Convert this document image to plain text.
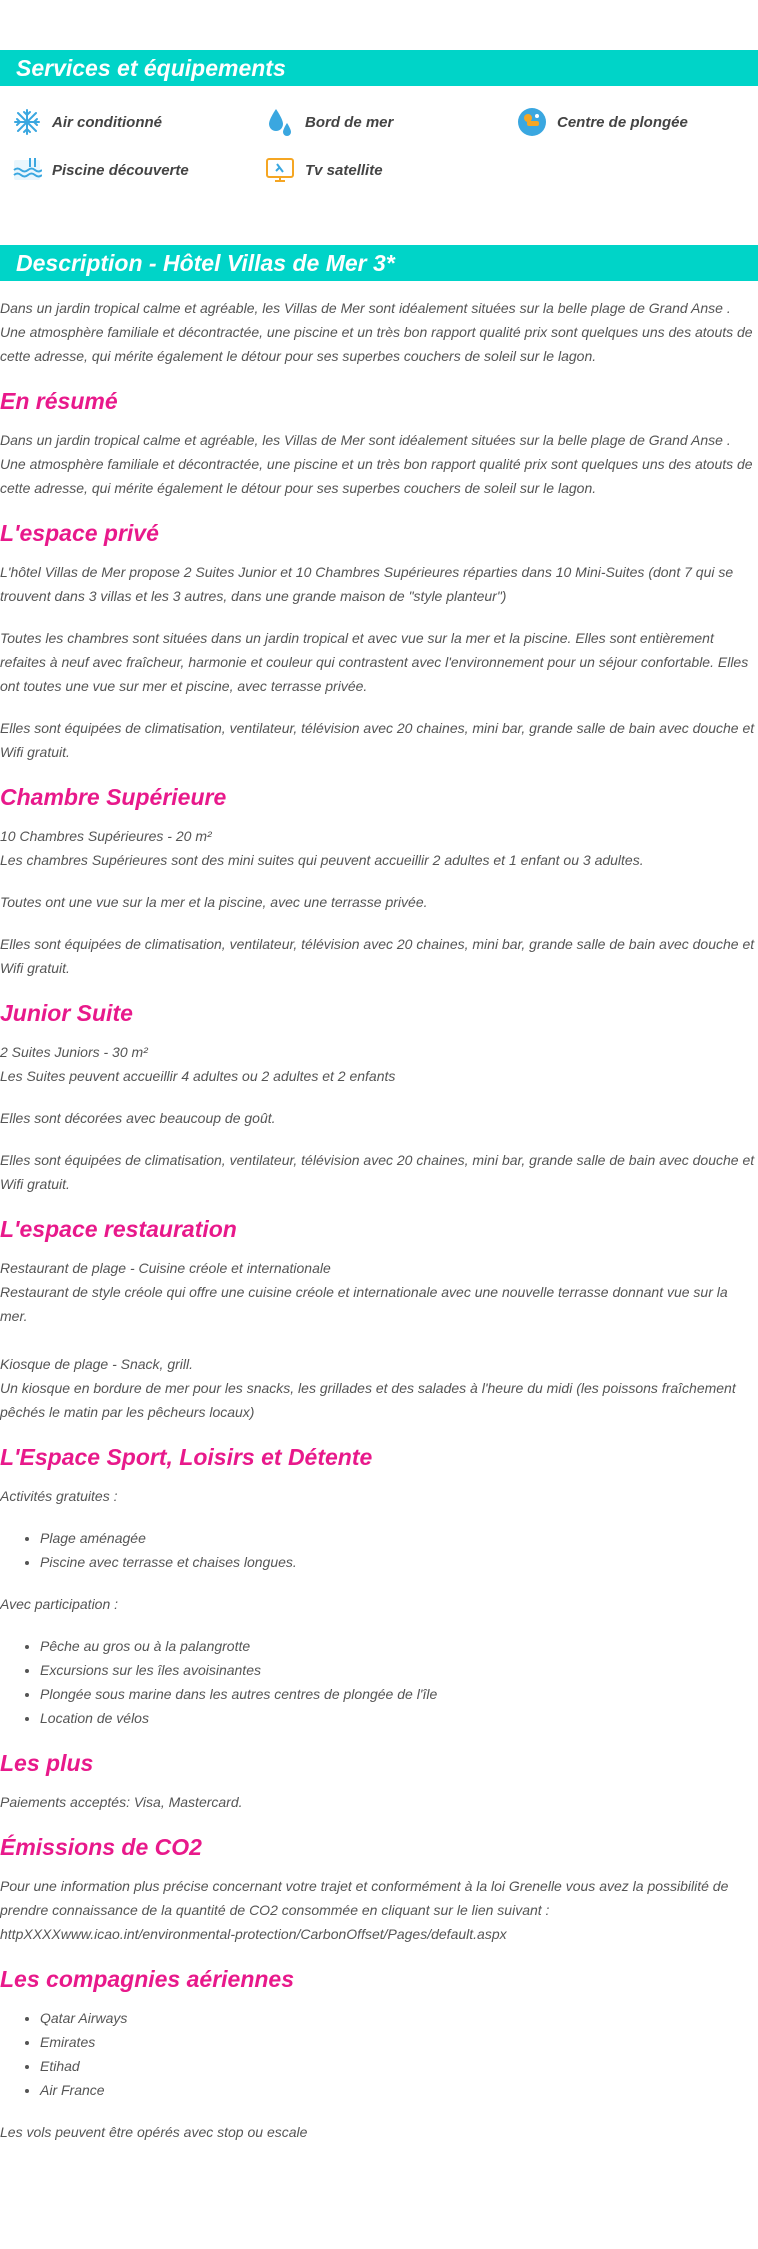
Services et équipements
Air conditionné	Bord de mer	Centre de plongée
Piscine découverte	Tv satellite
Description - Hôtel Villas de Mer 3*

Dans un jardin tropical calme et agréable, les Villas de Mer sont idéalement situées sur la belle plage de Grand Anse . Une atmosphère familiale et décontractée, une piscine et un très bon rapport qualité prix sont quelques uns des atouts de cette adresse, qui mérite également le détour pour ses superbes couchers de soleil sur le lagon.

En résumé

Dans un jardin tropical calme et agréable, les Villas de Mer sont idéalement situées sur la belle plage de Grand Anse . Une atmosphère familiale et décontractée, une piscine et un très bon rapport qualité prix sont quelques uns des atouts de cette adresse, qui mérite également le détour pour ses superbes couchers de soleil sur le lagon.

L'espace privé

L'hôtel Villas de Mer propose 2 Suites Junior et 10 Chambres Supérieures réparties dans 10 Mini-Suites (dont 7 qui se trouvent dans 3 villas et les 3 autres, dans une grande maison de "style planteur")

Toutes les chambres sont situées dans un jardin tropical et avec vue sur la mer et la piscine. Elles sont entièrement refaites à neuf avec fraîcheur, harmonie et couleur qui contrastent avec l'environnement pour un séjour confortable. Elles ont toutes une vue sur mer et piscine, avec terrasse privée.

Elles sont équipées de climatisation, ventilateur, télévision avec 20 chaines, mini bar, grande salle de bain avec douche et Wifi gratuit.

Chambre Supérieure

10 Chambres Supérieures - 20 m²
Les chambres Supérieures sont des mini suites qui peuvent accueillir 2 adultes et 1 enfant ou 3 adultes.

Toutes ont une vue sur la mer et la piscine, avec une terrasse privée.

Elles sont équipées de climatisation, ventilateur, télévision avec 20 chaines, mini bar, grande salle de bain avec douche et Wifi gratuit.

Junior Suite

2 Suites Juniors - 30 m²
Les Suites peuvent accueillir 4 adultes ou 2 adultes et 2 enfants

Elles sont décorées avec beaucoup de goût.

Elles sont équipées de climatisation, ventilateur, télévision avec 20 chaines, mini bar, grande salle de bain avec douche et Wifi gratuit.

L'espace restauration

Restaurant de plage - Cuisine créole et internationale
Restaurant de style créole qui offre une cuisine créole et internationale avec une nouvelle terrasse donnant vue sur la mer.

Kiosque de plage - Snack, grill.
Un kiosque en bordure de mer pour les snacks, les grillades et des salades à l'heure du midi (les poissons fraîchement pêchés le matin par les pêcheurs locaux)

L'Espace Sport, Loisirs et Détente

Activités gratuites :

• Plage aménagée
• Piscine avec terrasse et chaises longues.

Avec participation :

• Pêche au gros ou à la palangrotte
• Excursions sur les îles avoisinantes
• Plongée sous marine dans les autres centres de plongée de l'île
• Location de vélos
Les plus

Paiements acceptés: Visa, Mastercard.

Émissions de CO2

Pour une information plus précise concernant votre trajet et conformément à la loi Grenelle vous avez la possibilité de prendre connaissance de la quantité de CO2 consommée en cliquant sur le lien suivant :
httpXXXXwww.icao.int/environmental-protection/CarbonOffset/Pages/default.aspx

Les compagnies aériennes
• Qatar Airways
• Emirates
• Etihad
• Air France

Les vols peuvent être opérés avec stop ou escale
